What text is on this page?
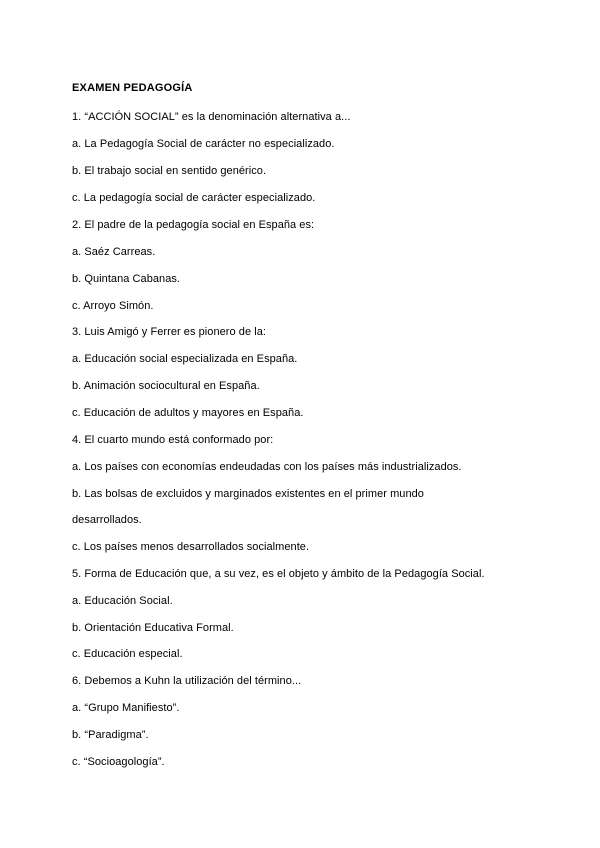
EXAMEN PEDAGOGÍA
1. “ACCIÓN SOCIAL” es la denominación alternativa a...
a. La Pedagogía Social de carácter no especializado.
b. El trabajo social en sentido genérico.
c. La pedagogía social de carácter especializado.
2. El padre de la pedagogía social en España es:
a. Saéz Carreas.
b. Quintana Cabanas.
c. Arroyo Simón.
3. Luis Amigó y Ferrer es pionero de la:
a. Educación social especializada en España.
b. Animación sociocultural en España.
c. Educación de adultos y mayores en España.
4. El cuarto mundo está conformado por:
a. Los países con economías endeudadas con los países más industrializados.
b. Las bolsas de excluidos y marginados existentes en el primer mundo
desarrollados.
c. Los países menos desarrollados socialmente.
5. Forma de Educación que, a su vez, es el objeto y ámbito de la Pedagogía Social.
a. Educación Social.
b. Orientación Educativa Formal.
c. Educación especial.
6. Debemos a Kuhn la utilización del término...
a. “Grupo Manifiesto”.
b. “Paradigma”.
c. “Socioagología”.
